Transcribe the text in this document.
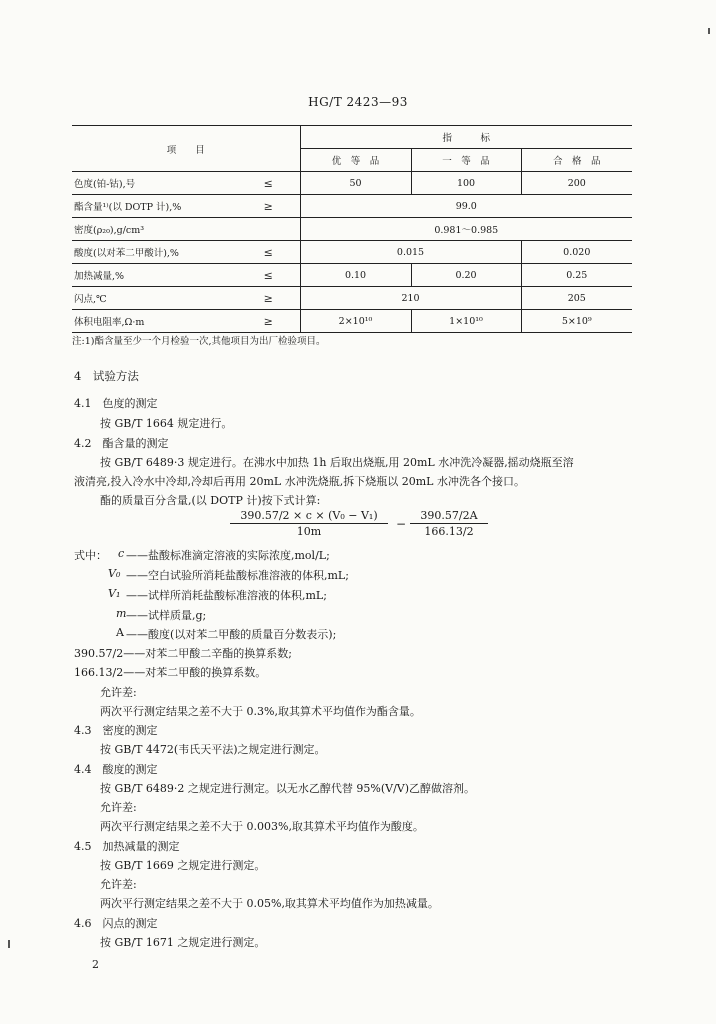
HG/T 2423—93
项　　目		指　　　标		
		优　等　品	一　等　品	合　格　品
色度(铂-钴),号	≤	50	100	200
酯含量¹⁾(以 DOTP 计),%	≥	99.0		
密度(ρ₂₀),g/cm³		0.981～0.985		
酸度(以对苯二甲酸计),%	≤	0.015		0.020
加热减量,%	≤	0.10	0.20	0.25
闪点,℃	≥	210		205
体积电阻率,Ω·m	≥	2×10¹⁰	1×10¹⁰	5×10⁹
注:1)酯含量至少一个月检验一次,其他项目为出厂检验项目。
4　试验方法
4.1　色度的测定
按 GB/T 1664 规定进行。
4.2　酯含量的测定
按 GB/T 6489·3 规定进行。在沸水中加热 1h 后取出烧瓶,用 20mL 水冲洗冷凝器,摇动烧瓶至溶
液清亮,投入冷水中冷却,冷却后再用 20mL 水冲洗烧瓶,拆下烧瓶以 20mL 水冲洗各个接口。
酯的质量百分含量,(以 DOTP 计)按下式计算:
$\frac{\text{390.57/2 × c × (V₀ − V₁)}}{10m} - \frac{390.57/2A}{166.13/2}$
式中： c ——盐酸标准滴定溶液的实际浓度,mol/L;
V₀ ——空白试验所消耗盐酸标准溶液的体积,mL;
V₁ ——试样所消耗盐酸标准溶液的体积,mL;
m ——试样质量,g;
A ——酸度(以对苯二甲酸的质量百分数表示);
390.57/2——对苯二甲酸二辛酯的换算系数;
166.13/2——对苯二甲酸的换算系数。
允许差:
两次平行测定结果之差不大于 0.3%,取其算术平均值作为酯含量。
4.3　密度的测定
按 GB/T 4472(韦氏天平法)之规定进行测定。
4.4　酸度的测定
按 GB/T 6489·2 之规定进行测定。以无水乙醇代替 95%(V/V)乙醇做溶剂。
允许差:
两次平行测定结果之差不大于 0.003%,取其算术平均值作为酸度。
4.5　加热减量的测定
按 GB/T 1669 之规定进行测定。
允许差:
两次平行测定结果之差不大于 0.05%,取其算术平均值作为加热减量。
4.6　闪点的测定
按 GB/T 1671 之规定进行测定。
2
